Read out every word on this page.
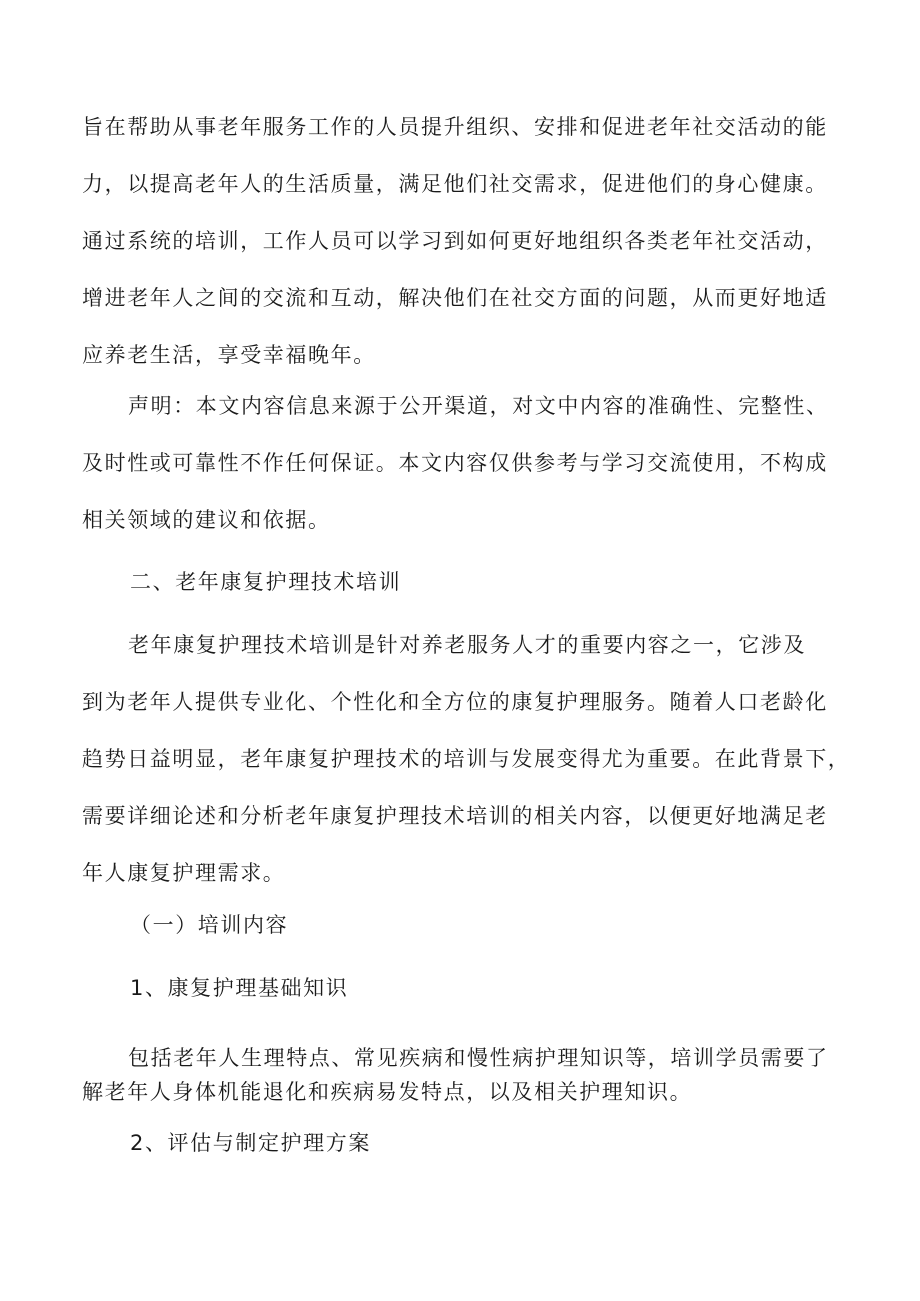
旨在帮助从事老年服务工作的人员提升组织、安排和促进老年社交活动的能
力，以提高老年人的生活质量，满足他们社交需求，促进他们的身心健康。
通过系统的培训，工作人员可以学习到如何更好地组织各类老年社交活动，
增进老年人之间的交流和互动，解决他们在社交方面的问题，从而更好地适
应养老生活，享受幸福晚年。
声明：本文内容信息来源于公开渠道，对文中内容的准确性、完整性、
及时性或可靠性不作任何保证。本文内容仅供参考与学习交流使用，不构成
相关领域的建议和依据。
二、老年康复护理技术培训
老年康复护理技术培训是针对养老服务人才的重要内容之一，它涉及
到为老年人提供专业化、个性化和全方位的康复护理服务。随着人口老龄化
趋势日益明显，老年康复护理技术的培训与发展变得尤为重要。在此背景下，
需要详细论述和分析老年康复护理技术培训的相关内容，以便更好地满足老
年人康复护理需求。
（一）培训内容
1、康复护理基础知识
包括老年人生理特点、常见疾病和慢性病护理知识等，培训学员需要了
解老年人身体机能退化和疾病易发特点，以及相关护理知识。
2、评估与制定护理方案
